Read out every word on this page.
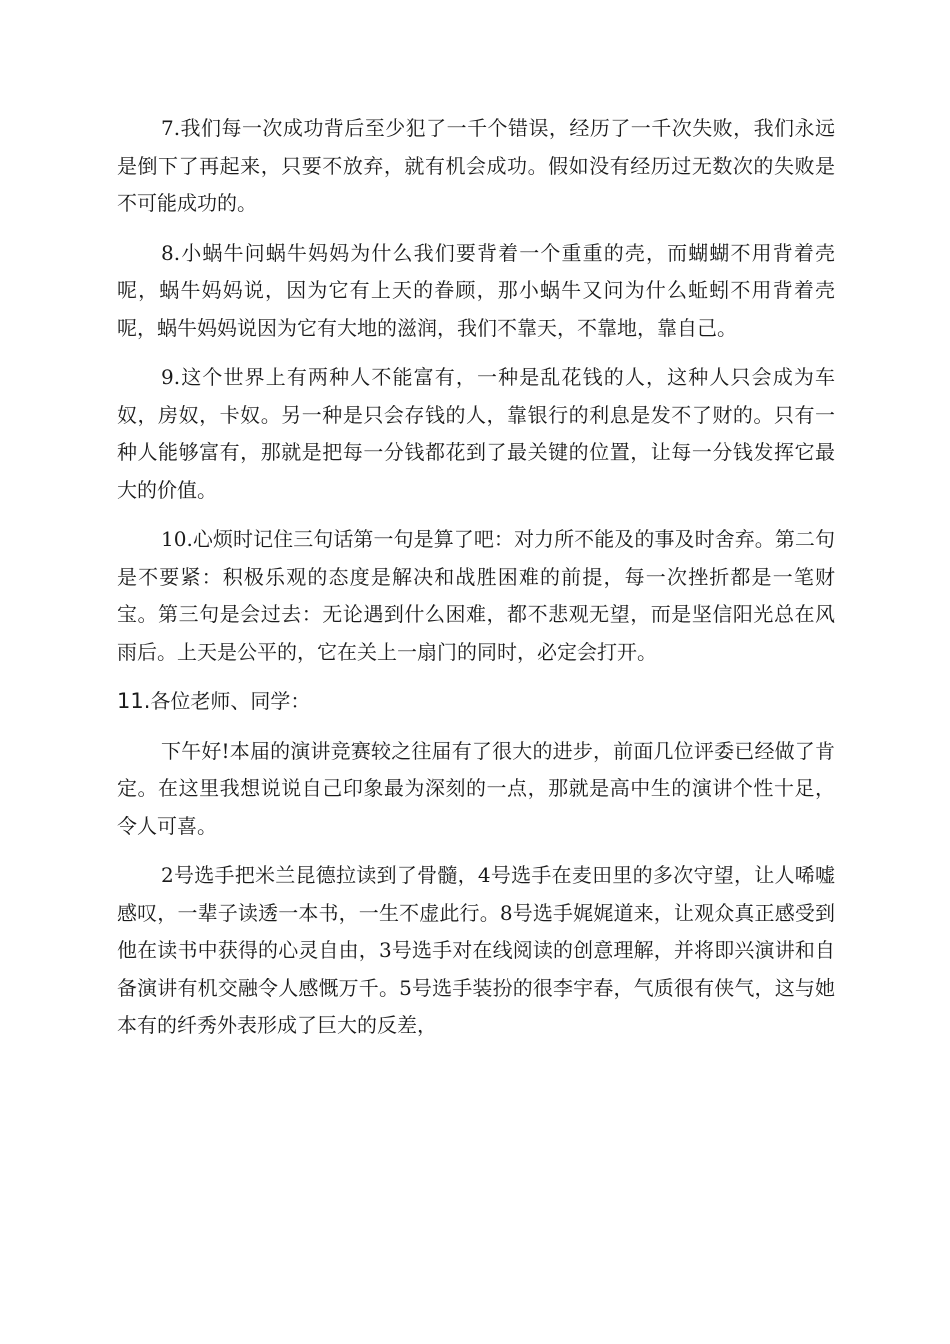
7.我们每一次成功背后至少犯了一千个错误，经历了一千次失败，我们永远是倒下了再起来，只要不放弃，就有机会成功。假如没有经历过无数次的失败是不可能成功的。

8.小蜗牛问蜗牛妈妈为什么我们要背着一个重重的壳，而蝴蝴不用背着壳呢，蜗牛妈妈说，因为它有上天的眷顾，那小蜗牛又问为什么蚯蚓不用背着壳呢，蜗牛妈妈说因为它有大地的滋润，我们不靠天，不靠地，靠自己。

9.这个世界上有两种人不能富有，一种是乱花钱的人，这种人只会成为车奴，房奴，卡奴。另一种是只会存钱的人，靠银行的利息是发不了财的。只有一种人能够富有，那就是把每一分钱都花到了最关键的位置，让每一分钱发挥它最大的价值。

10.心烦时记住三句话第一句是算了吧：对力所不能及的事及时舍弃。第二句是不要紧：积极乐观的态度是解决和战胜困难的前提，每一次挫折都是一笔财宝。第三句是会过去：无论遇到什么困难，都不悲观无望，而是坚信阳光总在风雨后。上天是公平的，它在关上一扇门的同时，必定会打开。

11.各位老师、同学：

下午好!本届的演讲竞赛较之往届有了很大的进步，前面几位评委已经做了肯定。在这里我想说说自己印象最为深刻的一点，那就是高中生的演讲个性十足，令人可喜。

2号选手把米兰昆德拉读到了骨髓，4号选手在麦田里的多次守望，让人唏嘘感叹，一辈子读透一本书，一生不虚此行。8号选手娓娓道来，让观众真正感受到他在读书中获得的心灵自由，3号选手对在线阅读的创意理解，并将即兴演讲和自备演讲有机交融令人感慨万千。5号选手装扮的很李宇春，气质很有侠气，这与她本有的纤秀外表形成了巨大的反差，
